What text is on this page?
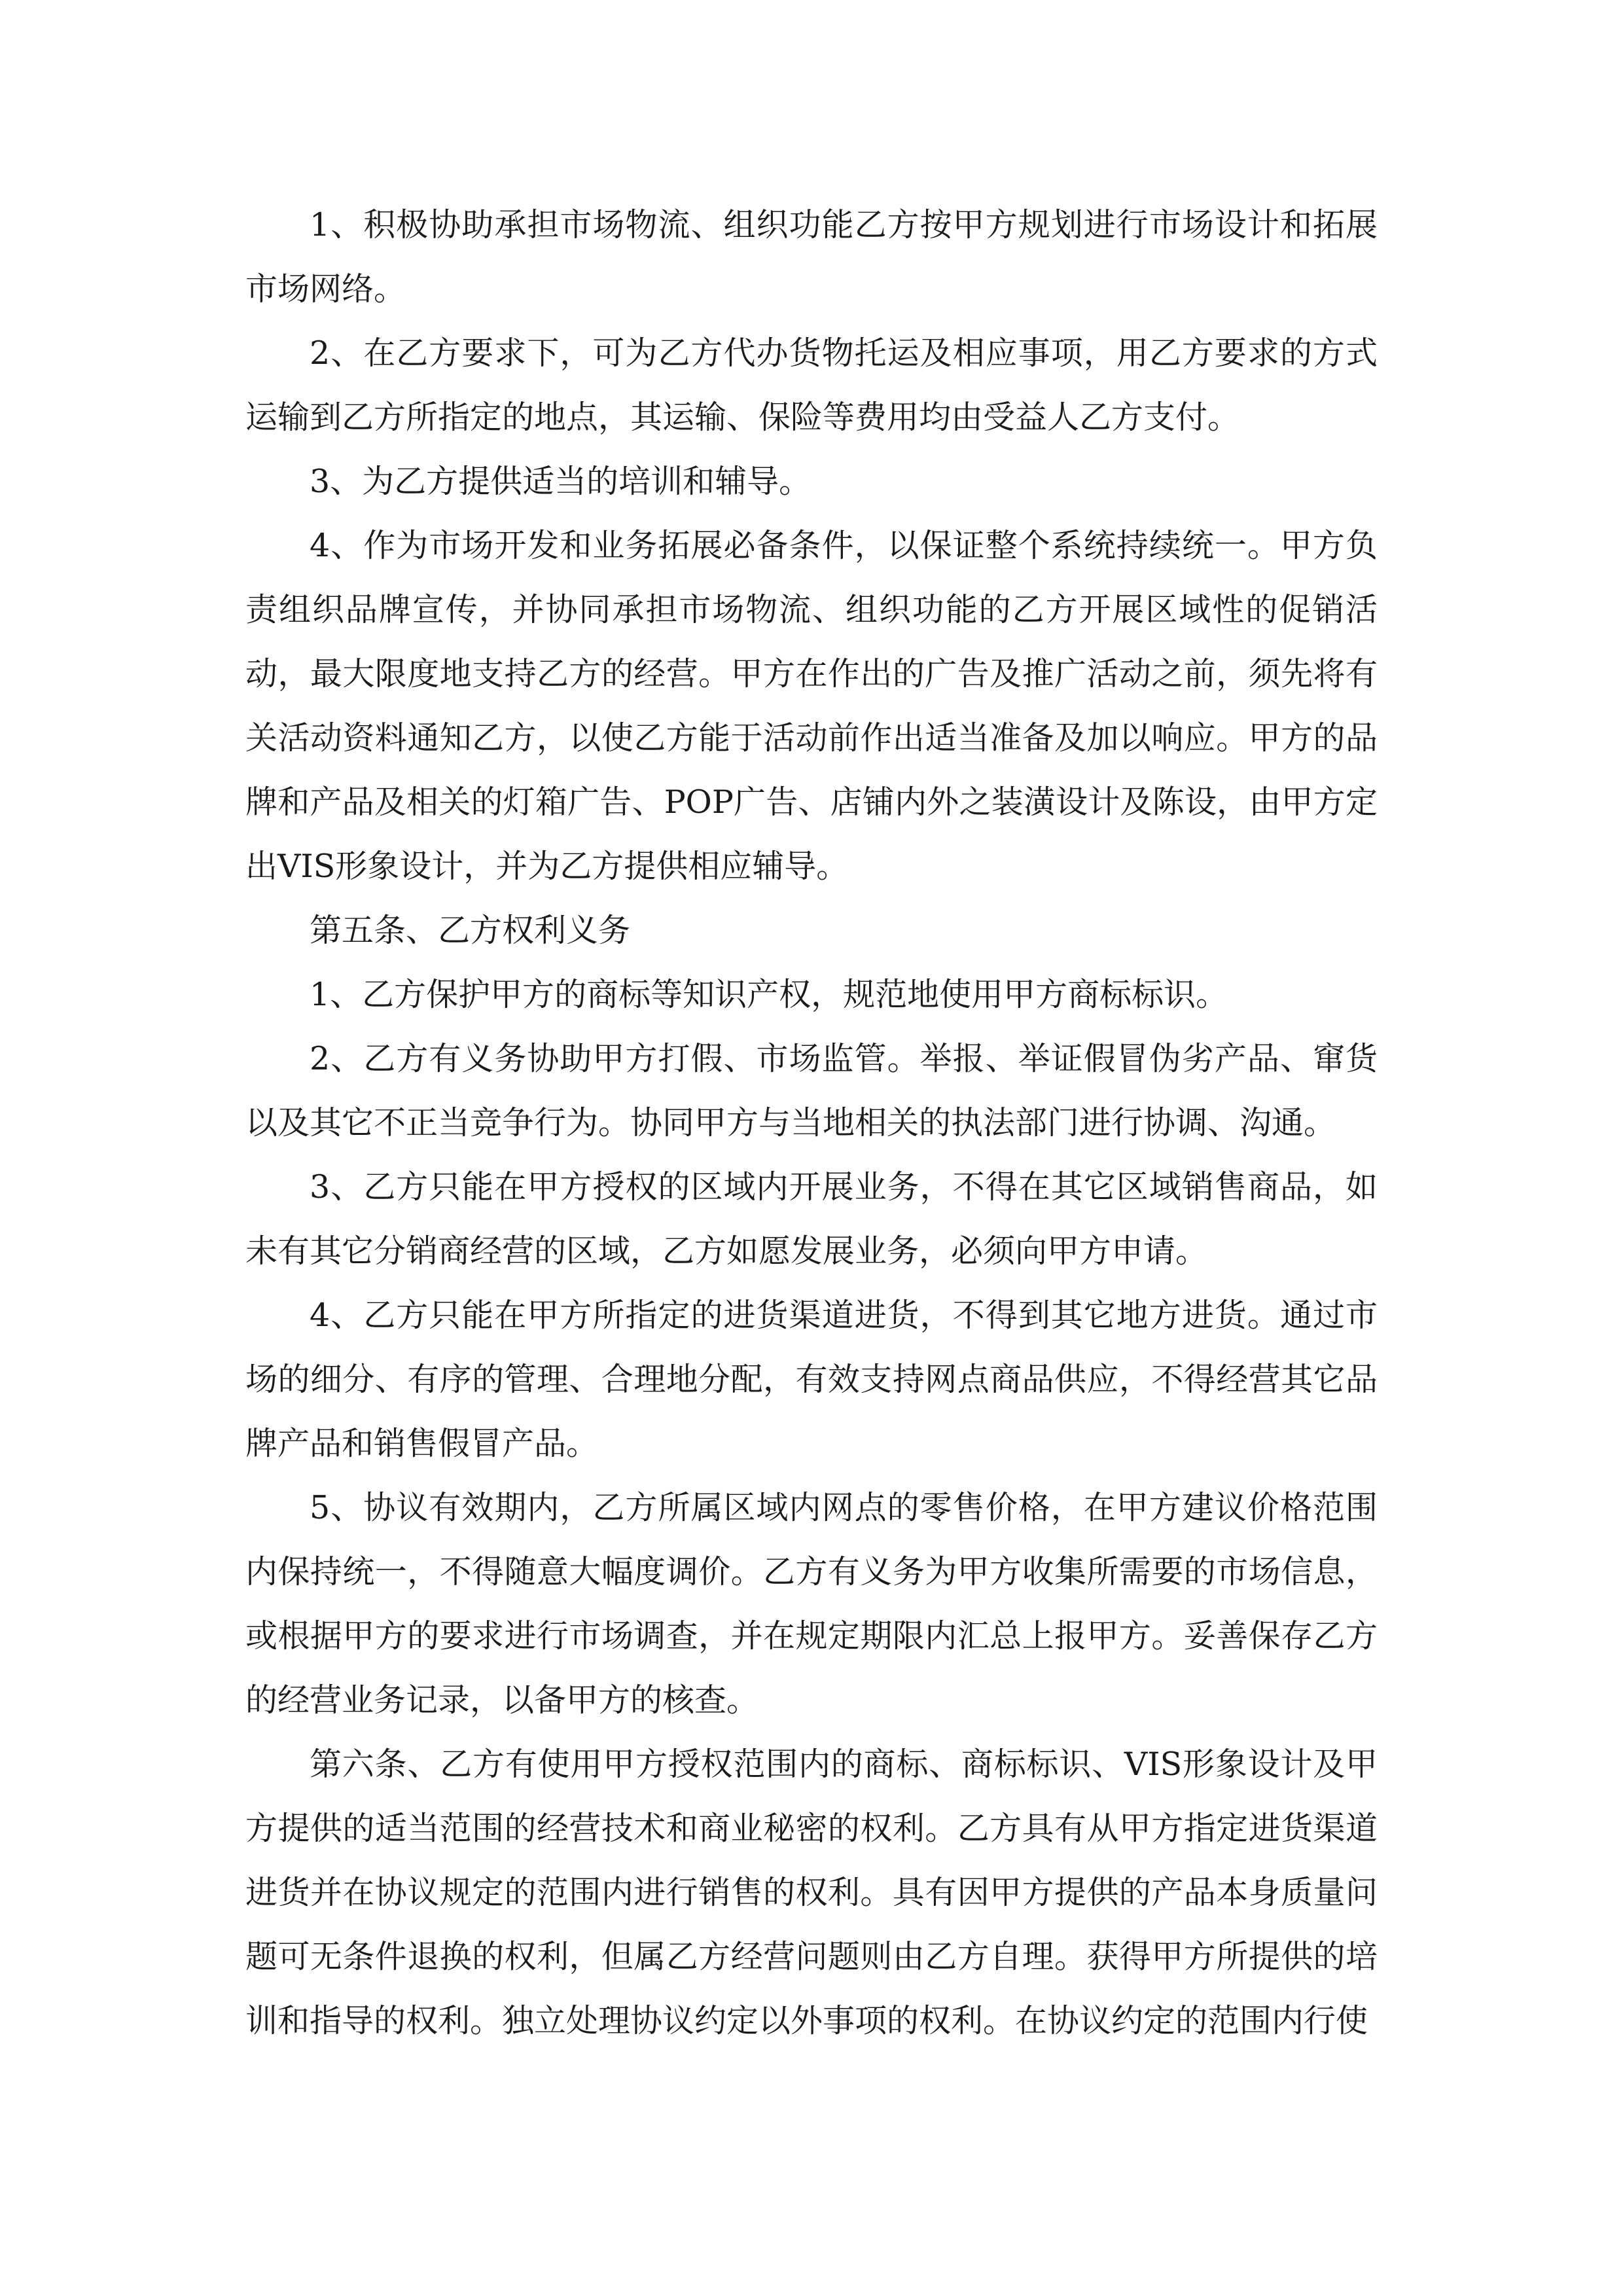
1、积极协助承担市场物流、组织功能乙方按甲方规划进行市场设计和拓展市场网络。

2、在乙方要求下，可为乙方代办货物托运及相应事项，用乙方要求的方式运输到乙方所指定的地点，其运输、保险等费用均由受益人乙方支付。

3、为乙方提供适当的培训和辅导。

4、作为市场开发和业务拓展必备条件，以保证整个系统持续统一。甲方负责组织品牌宣传，并协同承担市场物流、组织功能的乙方开展区域性的促销活动，最大限度地支持乙方的经营。甲方在作出的广告及推广活动之前，须先将有关活动资料通知乙方，以使乙方能于活动前作出适当准备及加以响应。甲方的品牌和产品及相关的灯箱广告、POP广告、店铺内外之装潢设计及陈设，由甲方定出VIS形象设计，并为乙方提供相应辅导。

第五条、乙方权利义务

1、乙方保护甲方的商标等知识产权，规范地使用甲方商标标识。

2、乙方有义务协助甲方打假、市场监管。举报、举证假冒伪劣产品、窜货以及其它不正当竞争行为。协同甲方与当地相关的执法部门进行协调、沟通。

3、乙方只能在甲方授权的区域内开展业务，不得在其它区域销售商品，如未有其它分销商经营的区域，乙方如愿发展业务，必须向甲方申请。

4、乙方只能在甲方所指定的进货渠道进货，不得到其它地方进货。通过市场的细分、有序的管理、合理地分配，有效支持网点商品供应，不得经营其它品牌产品和销售假冒产品。

5、协议有效期内，乙方所属区域内网点的零售价格，在甲方建议价格范围内保持统一，不得随意大幅度调价。乙方有义务为甲方收集所需要的市场信息，或根据甲方的要求进行市场调查，并在规定期限内汇总上报甲方。妥善保存乙方的经营业务记录，以备甲方的核查。

第六条、乙方有使用甲方授权范围内的商标、商标标识、VIS形象设计及甲方提供的适当范围的经营技术和商业秘密的权利。乙方具有从甲方指定进货渠道进货并在协议规定的范围内进行销售的权利。具有因甲方提供的产品本身质量问题可无条件退换的权利，但属乙方经营问题则由乙方自理。获得甲方所提供的培训和指导的权利。独立处理协议约定以外事项的权利。在协议约定的范围内行使
